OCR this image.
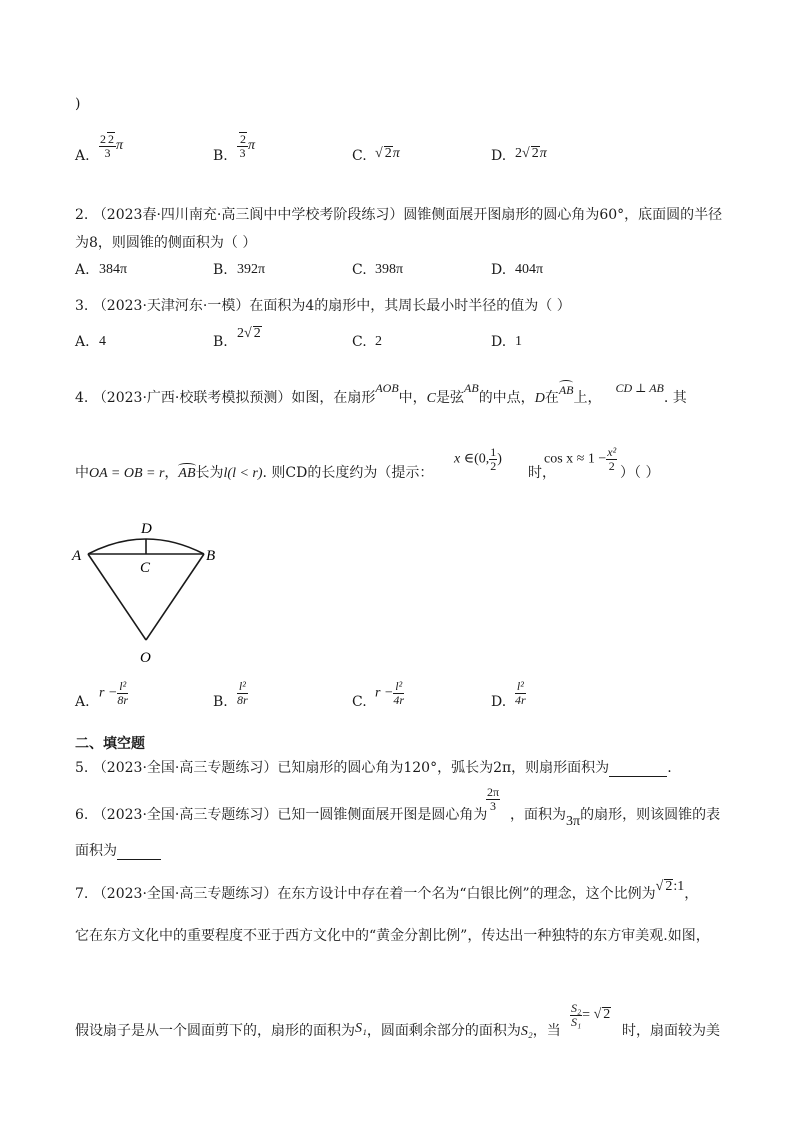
)
A. $\frac{2 2}{3}$ π
B. $\frac{2}{3}$ π
C. √ 2π	D. 2√ 2π
2. （2023春·四川南充·高三阆中中学校考阶段练习）圆锥侧面展开图扇形的圆心角为60°，底面圆的半径
为8，则圆锥的侧面积为（ ）
A. 384π	B. 392π	C. 398π	D. 404π
3. （2023·天津河东·一模）在面积为4的扇形中，其周长最小时半径的值为（ ）
A. 4	B.
2√ 2
C. 2	D. 1
4. （2023·广西·校联考模拟预测）如图，在扇形AOB中，C是弦AB的中点，D在AB上，CD ⊥ AB. 其
中OA = OB = r，AB长为l(l < r). 则CD的长度约为（提示：
x ∈(0, $\frac{1}{2}$ )
时，
$\cos x \approx 1 - \frac{\text{x²}}{2}$
）（ ）
A	B
C
D
O
A.
$r - \frac{\text{l²}}{8r}$	B. $\frac{\text{l²}}{8r}$	C.
$r - \frac{\text{l²}}{4r}$	D. $\frac{\text{l²}}{4r}$
二、填空题
5. （2023·全国·高三专题练习）已知扇形的圆心角为120°，弧长为2π，则扇形面积为	.
6. （2023·全国·高三专题练习）已知一圆锥侧面展开图是圆心角为
$\frac{2\pi}{3}$
，面积为3π的扇形，则该圆锥的表
面积为
7. （2023·全国·高三专题练习）在东方设计中存在着一个名为“白银比例”的理念，这个比例为√ 2:1，
它在东方文化中的重要程度不亚于西方文化中的“黄金分割比例”，传达出一种独特的东方审美观.如图，
假设扇子是从一个圆面剪下的，扇形的面积为S₁，圆面剩余部分的面积为S₂，当
$\frac{\text{S₂}}{\text{S₁}}$ = √ 2
时，扇面较为美
